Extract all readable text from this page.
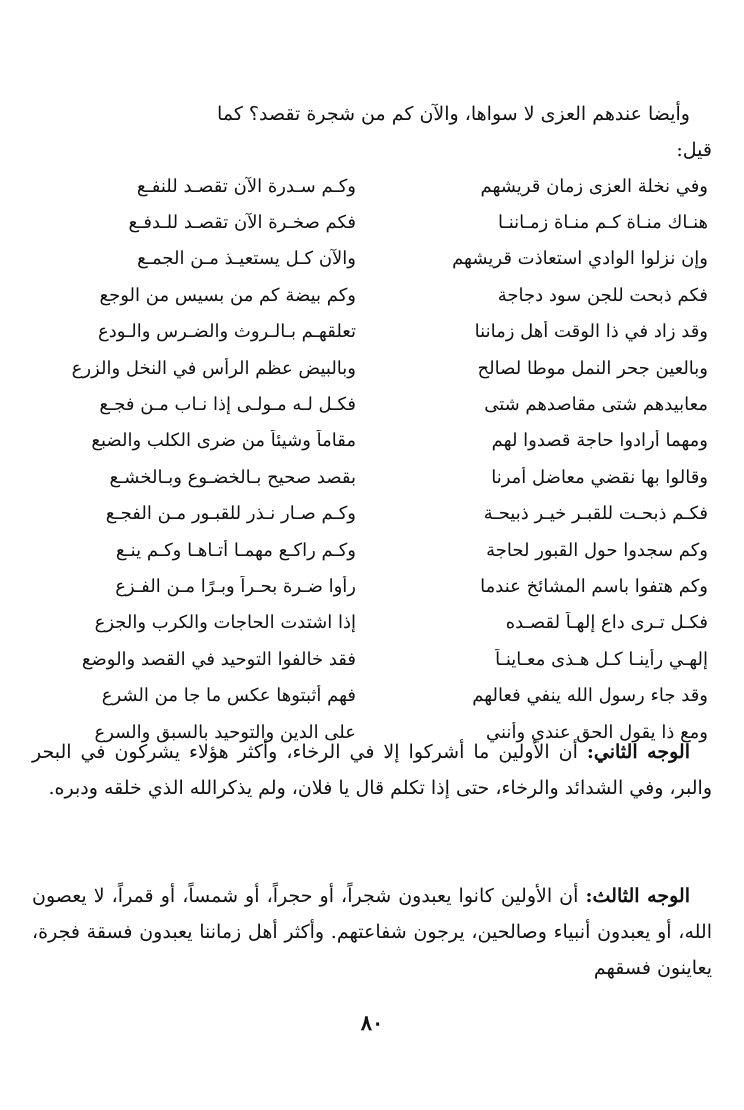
وأيضا عندهم العزى لا سواها، والآن كم من شجرة تقصد؟ كما

قيل:

وفي نخلة العزى زمان قريشهم
وكـم سـدرة الآن تقصـد للنفـع
هنـاك منـاة كـم منـاة زمـاننـا
فكم صخـرة الآن تقصـد للـدفـع
وإن نزلوا الوادي استعاذت قريشهم
والآن كـل يستعيـذ مـن الجمـع
فكم ذبحت للجن سود دجاجة
وكم بيضة كم من بسيس من الوجع
وقد زاد في ذا الوقت أهل زماننا
تعلقهـم بـالـروث والضـرس والـودع
وبالعين جحر النمل موطا لصالح
وبالبيض عظم الرأس في النخل والزرع
معابيدهم شتى مقاصدهم شتى
فكـل لـه مـولـى إذا نـاب مـن فجـع
ومهما أرادوا حاجة قصدوا لهم
مقاماً وشيئاً من ضرى الكلب والضبع
وقالوا بها نقضي معاضل أمرنا
بقصد صحيح بـالخضـوع وبـالخشـع
فكـم ذبحـت للقبـر خيـر ذبيحـة
وكـم صـار نـذر للقبـور مـن الفجـع
وكم سجدوا حول القبور لحاجة
وكـم راكـع مهمـا أتـاهـا وكـم ينـع
وكم هتفوا باسم المشائخ عندما
رأوا ضـرة بحـراً وبـرًا مـن الفـزع
فكـل تـرى داع إلهـاً لقصـده
إذا اشتدت الحاجات والكرب والجزع
إلهـي رأينـا كـل هـذى معـاينـاً
فقد خالفوا التوحيد في القصد والوضع
وقد جاء رسول الله ينفي فعالهم
فهم أثبتوها عكس ما جا من الشرع
ومع ذا يقول الحق عندي وأنني
على الدين والتوحيد بالسبق والسرع

الوجه الثاني: أن الأولين ما أشركوا إلا في الرخاء، وأكثر هؤلاء يشركون في البحر والبر، وفي الشدائد والرخاء، حتى إذا تكلم قال يا فلان، ولم يذكرالله الذي خلقه ودبره.

الوجه الثالث: أن الأولين كانوا يعبدون شجراً، أو حجراً، أو شمساً، أو قمراً، لا يعصون الله، أو يعبدون أنبياء وصالحين، يرجون شفاعتهم. وأكثر أهل زماننا يعبدون فسقة فجرة، يعاينون فسقهم

٨٠
